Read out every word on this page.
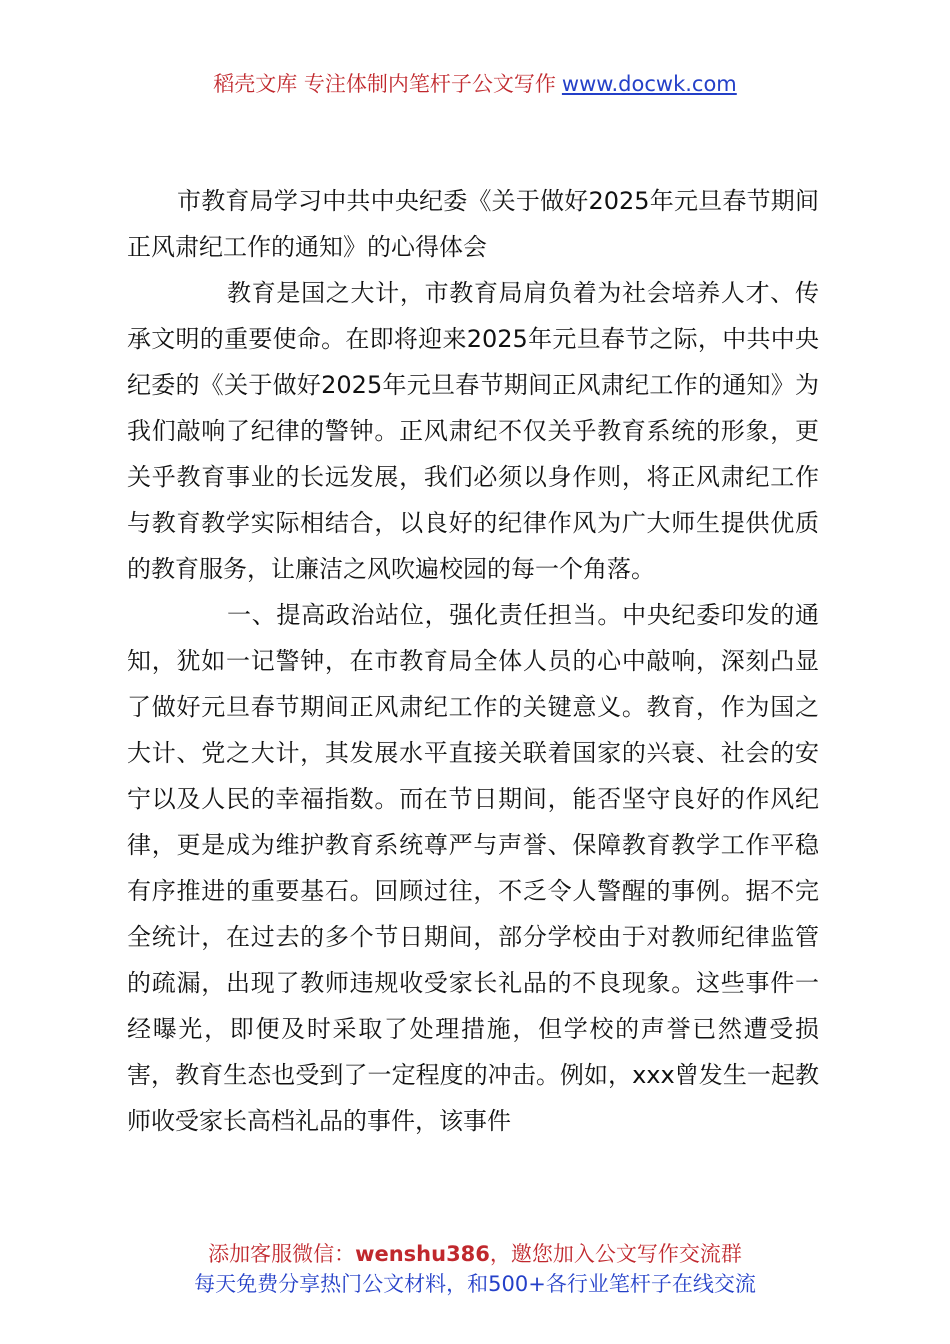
稻壳文库 专注体制内笔杆子公文写作 www.docwk.com
市教育局学习中共中央纪委《关于做好2025年元旦春节期间正风肃纪工作的通知》的心得体会

教育是国之大计，市教育局肩负着为社会培养人才、传承文明的重要使命。在即将迎来2025年元旦春节之际，中共中央纪委的《关于做好2025年元旦春节期间正风肃纪工作的通知》为我们敲响了纪律的警钟。正风肃纪不仅关乎教育系统的形象，更关乎教育事业的长远发展，我们必须以身作则，将正风肃纪工作与教育教学实际相结合，以良好的纪律作风为广大师生提供优质的教育服务，让廉洁之风吹遍校园的每一个角落。

一、提高政治站位，强化责任担当。中央纪委印发的通知，犹如一记警钟，在市教育局全体人员的心中敲响，深刻凸显了做好元旦春节期间正风肃纪工作的关键意义。教育，作为国之大计、党之大计，其发展水平直接关联着国家的兴衰、社会的安宁以及人民的幸福指数。而在节日期间，能否坚守良好的作风纪律，更是成为维护教育系统尊严与声誉、保障教育教学工作平稳有序推进的重要基石。回顾过往，不乏令人警醒的事例。据不完全统计，在过去的多个节日期间，部分学校由于对教师纪律监管的疏漏，出现了教师违规收受家长礼品的不良现象。这些事件一经曝光，即便及时采取了处理措施，但学校的声誉已然遭受损害，教育生态也受到了一定程度的冲击。例如，xxx曾发生一起教师收受家长高档礼品的事件，该事件

添加客服微信：wenshu386，邀您加入公文写作交流群
每天免费分享热门公文材料，和500+各行业笔杆子在线交流
